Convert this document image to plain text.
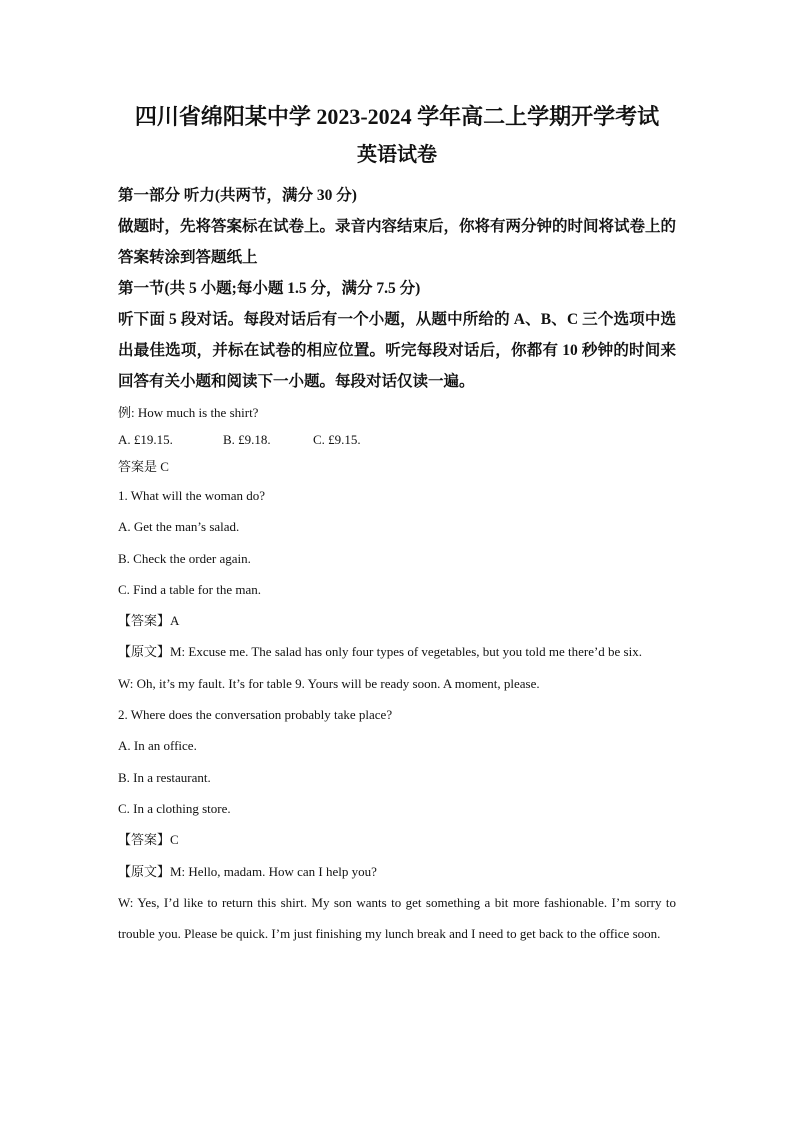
四川省绵阳某中学 2023-2024 学年高二上学期开学考试

英语试卷

第一部分 听力(共两节，满分 30 分)

做题时，先将答案标在试卷上。录音内容结束后，你将有两分钟的时间将试卷上的答案转涂到答题纸上

第一节(共 5 小题;每小题 1.5 分，满分 7.5 分)

听下面 5 段对话。每段对话后有一个小题，从题中所给的 A、B、C 三个选项中选出最佳选项，并标在试卷的相应位置。听完每段对话后，你都有 10 秒钟的时间来回答有关小题和阅读下一小题。每段对话仅读一遍。

例: How much is the shirt?

A. £19.15.	B. £9.18.	C. £9.15.

答案是 C

1. What will the woman do?

A. Get the man’s salad.

B. Check the order again.

C. Find a table for the man.

【答案】A

【原文】M: Excuse me. The salad has only four types of vegetables, but you told me there’d be six.

W: Oh, it’s my fault. It’s for table 9. Yours will be ready soon. A moment, please.

2. Where does the conversation probably take place?

A. In an office.

B. In a restaurant.

C. In a clothing store.

【答案】C

【原文】M: Hello, madam. How can I help you?

W: Yes, I’d like to return this shirt. My son wants to get something a bit more fashionable. I’m sorry to trouble you. Please be quick. I’m just finishing my lunch break and I need to get back to the office soon.
